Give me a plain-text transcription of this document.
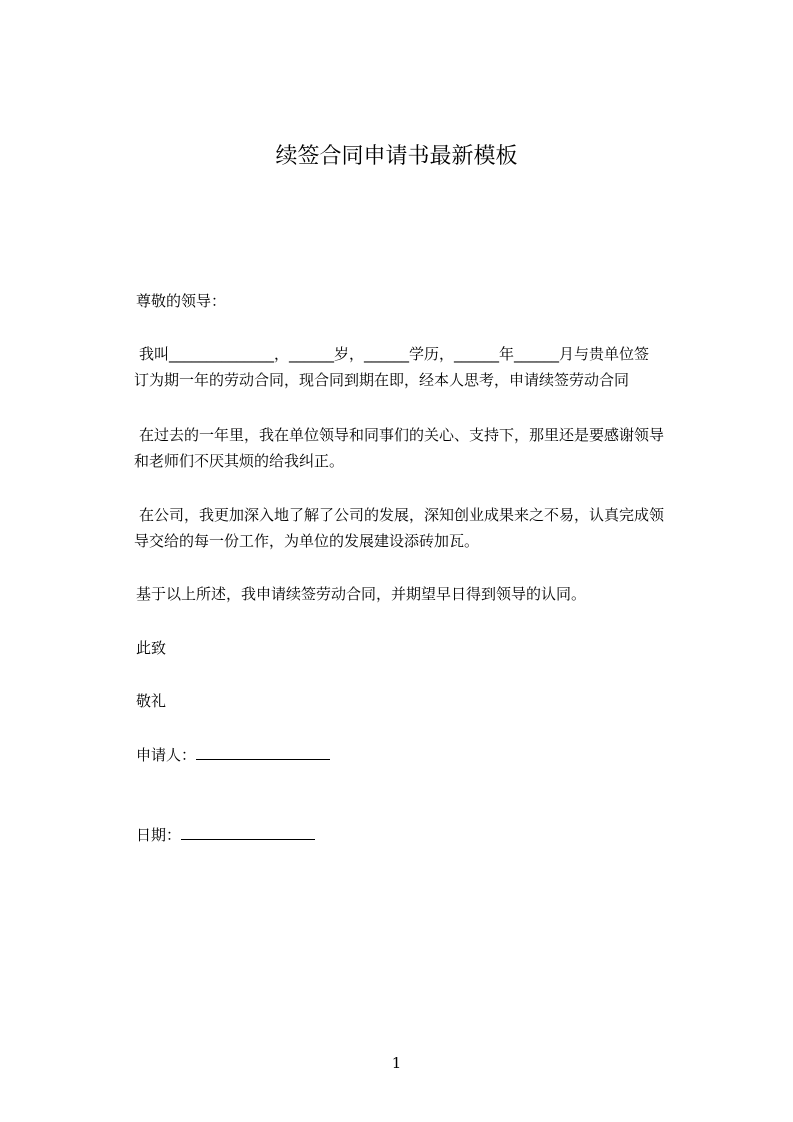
续签合同申请书最新模板

尊敬的领导：

我叫______________，______岁，______学历，______年______月与贵单位签
订为期一年的劳动合同，现合同到期在即，经本人思考，申请续签劳动合同
在过去的一年里，我在单位领导和同事们的关心、支持下，那里还是要感谢领导
和老师们不厌其烦的给我纠正。
在公司，我更加深入地了解了公司的发展，深知创业成果来之不易，认真完成领
导交给的每一份工作，为单位的发展建设添砖加瓦。

基于以上所述，我申请续签劳动合同，并期望早日得到领导的认同。

此致

敬礼

申请人：

日期：

1
